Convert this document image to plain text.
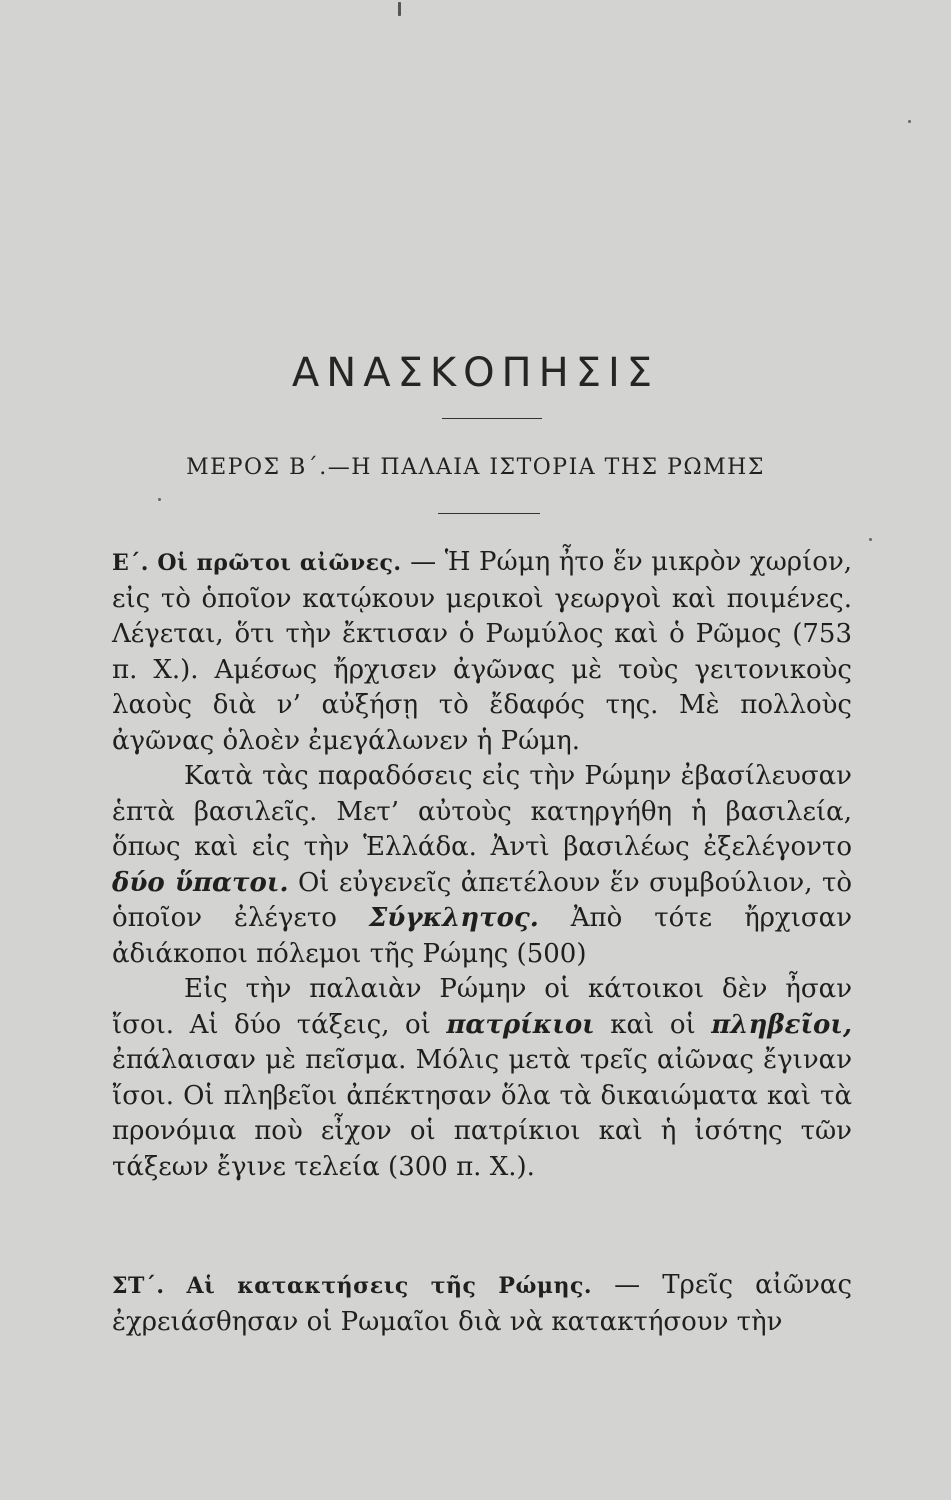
ΑΝΑΣΚΟΠΗΣΙΣ
ΜΕΡΟΣ Β΄.—Η ΠΑΛΑΙΑ ΙΣΤΟΡΙΑ ΤΗΣ ΡΩΜΗΣ

Ε΄. Οἱ πρῶτοι αἰῶνες. — Ἡ Ρώμη ἦτο ἕν μικρὸν χωρίον, εἰς τὸ ὁποῖον κατῴκουν μερικοὶ γεωργοὶ καὶ ποιμένες. Λέγεται, ὅτι τὴν ἔκτισαν ὁ Ρωμύλος καὶ ὁ Ρῶμος (753 π. Χ.). Αμέσως ἤρχισεν ἀγῶνας μὲ τοὺς γειτονικοὺς λαοὺς διὰ ν’ αὐξήσῃ τὸ ἔδαφός της. Μὲ πολλοὺς ἀγῶνας ὁλοὲν ἐμεγάλωνεν ἡ Ρώμη.

Κατὰ τὰς παραδόσεις εἰς τὴν Ρώμην ἐβασίλευσαν ἑπτὰ βασιλεῖς. Μετ’ αὐτοὺς κατηργήθη ἡ βασιλεία, ὅπως καὶ εἰς τὴν Ἑλλάδα. Ἀντὶ βασιλέως ἐξελέγοντο δύο ὕπατοι. Οἱ εὐγενεῖς ἀπετέλουν ἕν συμβούλιον, τὸ ὁποῖον ἐλέγετο Σύγκλητος. Ἀπὸ τότε ἤρχισαν ἀδιάκοποι πόλεμοι τῆς Ρώμης (500)

Εἰς τὴν παλαιὰν Ρώμην οἱ κάτοικοι δὲν ἦσαν ἴσοι. Αἱ δύο τάξεις, οἱ πατρίκιοι καὶ οἱ πληβεῖοι, ἐπάλαισαν μὲ πεῖσμα. Μόλις μετὰ τρεῖς αἰῶνας ἔγιναν ἴσοι. Οἱ πληβεῖοι ἀπέκτησαν ὅλα τὰ δικαιώματα καὶ τὰ προνόμια ποὺ εἶχον οἱ πατρίκιοι καὶ ἡ ἰσότης τῶν τάξεων ἔγινε τελεία (300 π. Χ.).

ΣΤ΄. Αἱ κατακτήσεις τῆς Ρώμης. — Τρεῖς αἰῶνας ἐχρειάσθησαν οἱ Ρωμαῖοι διὰ νὰ κατακτήσουν τὴν
